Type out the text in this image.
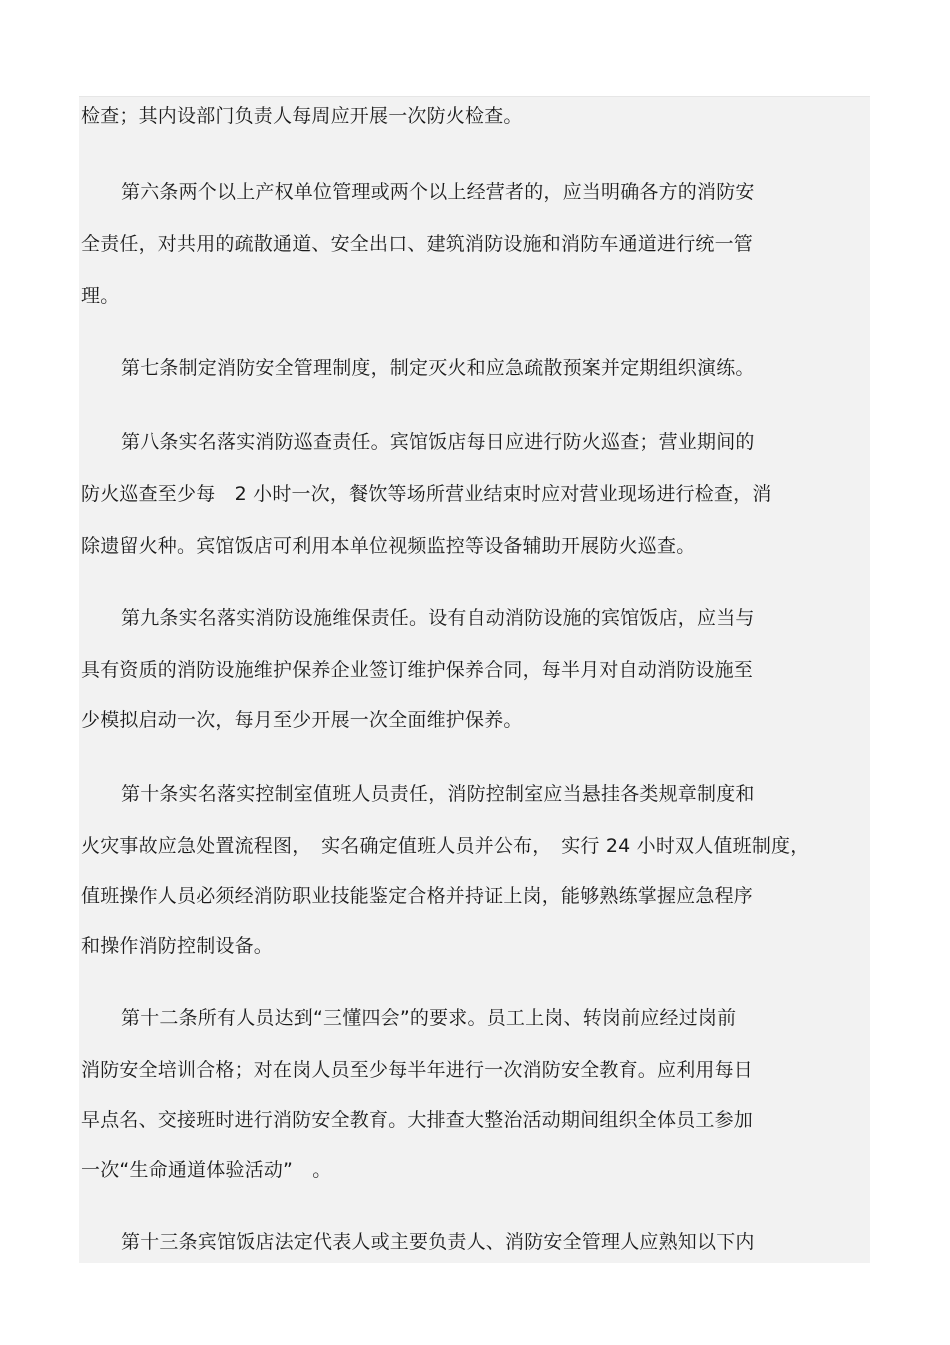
检查；其内设部门负责人每周应开展一次防火检查。
第六条两个以上产权单位管理或两个以上经营者的，应当明确各方的消防安
全责任，对共用的疏散通道、安全出口、建筑消防设施和消防车通道进行统一管
理。
第七条制定消防安全管理制度，制定灭火和应急疏散预案并定期组织演练。
第八条实名落实消防巡查责任。宾馆饭店每日应进行防火巡查；营业期间的
防火巡查至少每　2 小时一次，餐饮等场所营业结束时应对营业现场进行检查，消
除遗留火种。宾馆饭店可利用本单位视频监控等设备辅助开展防火巡查。
第九条实名落实消防设施维保责任。设有自动消防设施的宾馆饭店，应当与
具有资质的消防设施维护保养企业签订维护保养合同，每半月对自动消防设施至
少模拟启动一次，每月至少开展一次全面维护保养。
第十条实名落实控制室值班人员责任，消防控制室应当悬挂各类规章制度和
火灾事故应急处置流程图，　实名确定值班人员并公布，　实行 24 小时双人值班制度，
值班操作人员必须经消防职业技能鉴定合格并持证上岗，能够熟练掌握应急程序
和操作消防控制设备。
第十二条所有人员达到“三懂四会”的要求。员工上岗、转岗前应经过岗前
消防安全培训合格；对在岗人员至少每半年进行一次消防安全教育。应利用每日
早点名、交接班时进行消防安全教育。大排查大整治活动期间组织全体员工参加
一次“生命通道体验活动”　。
第十三条宾馆饭店法定代表人或主要负责人、消防安全管理人应熟知以下内
